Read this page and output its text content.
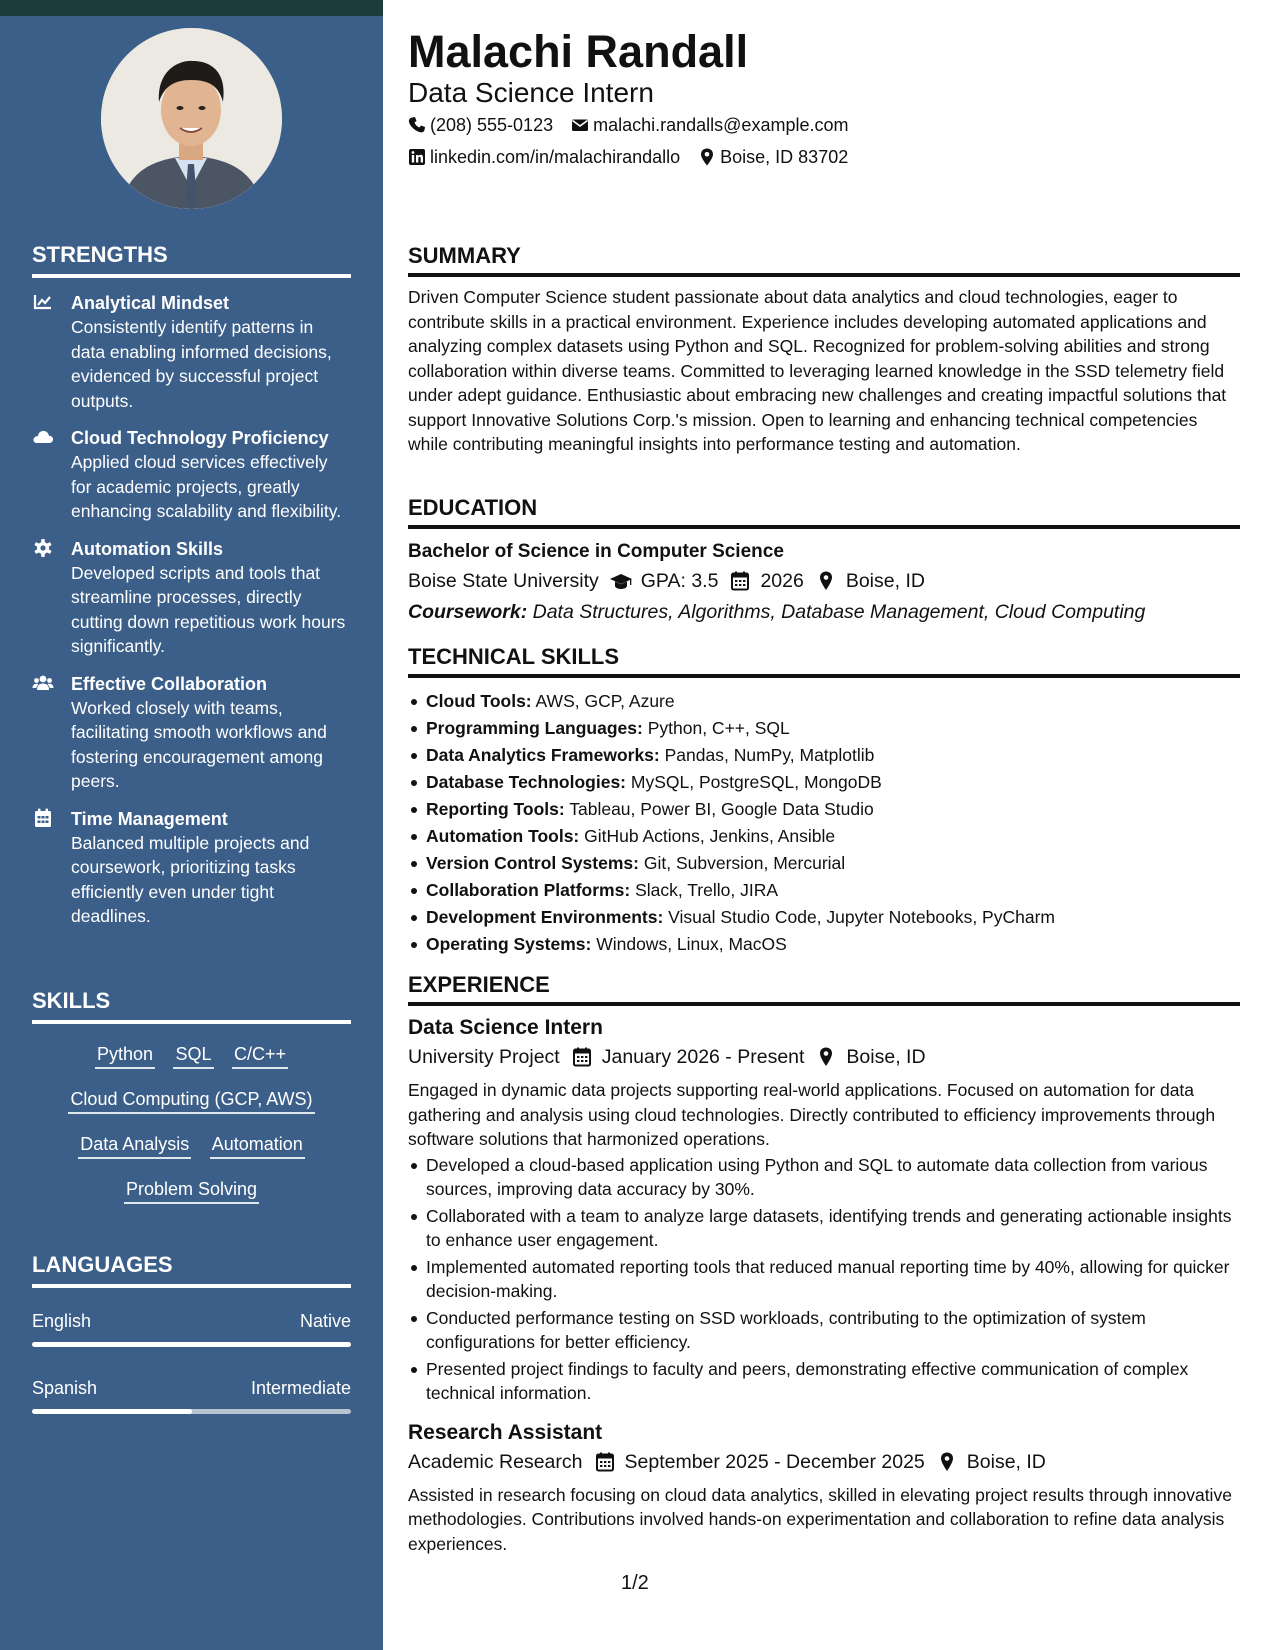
STRENGTHS
Analytical Mindset
Consistently identify patterns in data enabling informed decisions, evidenced by successful project outputs.
Cloud Technology Proficiency
Applied cloud services effectively for academic projects, greatly enhancing scalability and flexibility.
Automation Skills
Developed scripts and tools that streamline processes, directly cutting down repetitious work hours significantly.
Effective Collaboration
Worked closely with teams, facilitating smooth workflows and fostering encouragement among peers.
Time Management
Balanced multiple projects and coursework, prioritizing tasks efficiently even under tight deadlines.
SKILLS
Python SQL C/C++
Cloud Computing (GCP, AWS)
Data Analysis Automation
Problem Solving
LANGUAGES
English	Native
Spanish	Intermediate
Malachi Randall
Data Science Intern
(208) 555-0123 malachi.randalls@example.com
linkedin.com/in/malachirandallo Boise, ID 83702
SUMMARY

Driven Computer Science student passionate about data analytics and cloud technologies, eager to contribute skills in a practical environment. Experience includes developing automated applications and analyzing complex datasets using Python and SQL. Recognized for problem-solving abilities and strong collaboration within diverse teams. Committed to leveraging learned knowledge in the SSD telemetry field under adept guidance. Enthusiastic about embracing new challenges and creating impactful solutions that support Innovative Solutions Corp.'s mission. Open to learning and enhancing technical competencies while contributing meaningful insights into performance testing and automation.

EDUCATION
Bachelor of Science in Computer Science
Boise State University GPA: 3.5 2026 Boise, ID
Coursework: Data Structures, Algorithms, Database Management, Cloud Computing
TECHNICAL SKILLS
Cloud Tools: AWS, GCP, Azure
Programming Languages: Python, C++, SQL
Data Analytics Frameworks: Pandas, NumPy, Matplotlib
Database Technologies: MySQL, PostgreSQL, MongoDB
Reporting Tools: Tableau, Power BI, Google Data Studio
Automation Tools: GitHub Actions, Jenkins, Ansible
Version Control Systems: Git, Subversion, Mercurial
Collaboration Platforms: Slack, Trello, JIRA
Development Environments: Visual Studio Code, Jupyter Notebooks, PyCharm
Operating Systems: Windows, Linux, MacOS
EXPERIENCE
Data Science Intern
University Project January 2026 - Present Boise, ID
Engaged in dynamic data projects supporting real-world applications. Focused on automation for data gathering and analysis using cloud technologies. Directly contributed to efficiency improvements through software solutions that harmonized operations.
Developed a cloud-based application using Python and SQL to automate data collection from various sources, improving data accuracy by 30%.
Collaborated with a team to analyze large datasets, identifying trends and generating actionable insights to enhance user engagement.
Implemented automated reporting tools that reduced manual reporting time by 40%, allowing for quicker decision-making.
Conducted performance testing on SSD workloads, contributing to the optimization of system configurations for better efficiency.
Presented project findings to faculty and peers, demonstrating effective communication of complex technical information.
Research Assistant
Academic Research September 2025 - December 2025 Boise, ID
Assisted in research focusing on cloud data analytics, skilled in elevating project results through innovative methodologies. Contributions involved hands-on experimentation and collaboration to refine data analysis experiences.
1/2
